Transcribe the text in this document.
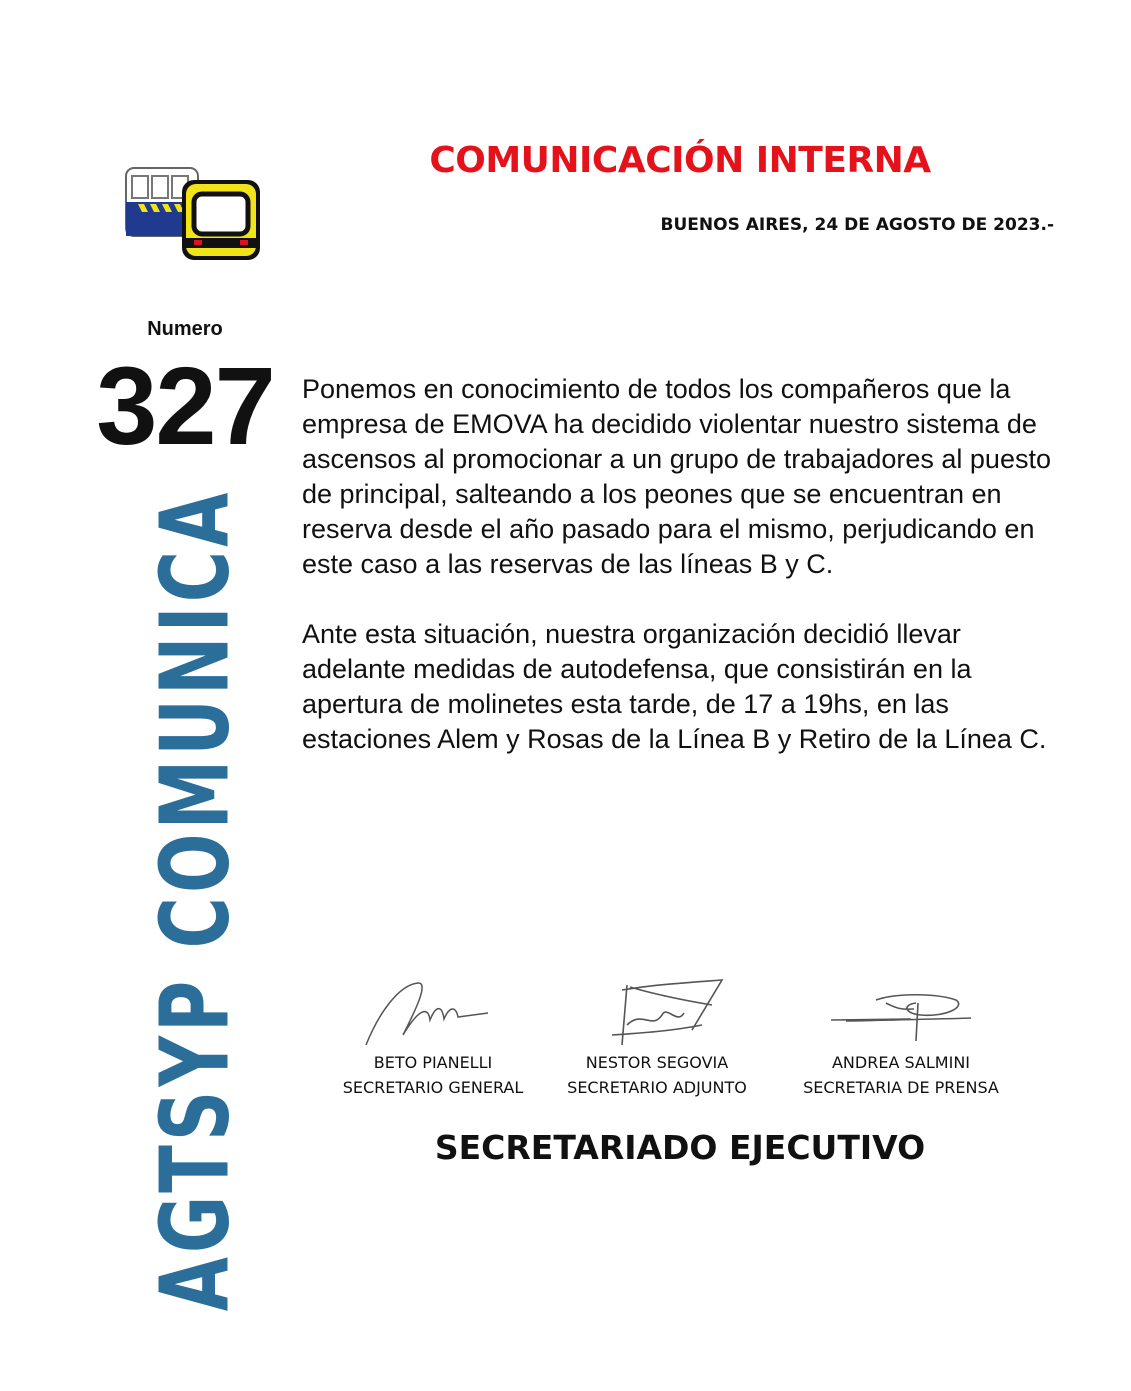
COMUNICACIÓN INTERNA
BUENOS AIRES, 24 DE AGOSTO DE 2023.-
Numero
327
AGTSYP COMUNICA

Ponemos en conocimiento de todos los compañeros que la empresa de EMOVA ha decidido violentar nuestro sistema de ascensos al promocionar a un grupo de trabajadores al puesto de principal, salteando a los peones que se encuentran en reserva desde el año pasado para el mismo, perjudicando en este caso a las reservas de las líneas B y C.

Ante esta situación, nuestra organización decidió llevar adelante medidas de autodefensa, que consistirán en la apertura de molinetes esta tarde, de 17 a 19hs, en las estaciones Alem y Rosas de la Línea B y Retiro de la Línea C.

BETO PIANELLI
SECRETARIO GENERAL
NESTOR SEGOVIA
SECRETARIO ADJUNTO
ANDREA SALMINI
SECRETARIA DE PRENSA
SECRETARIADO EJECUTIVO
